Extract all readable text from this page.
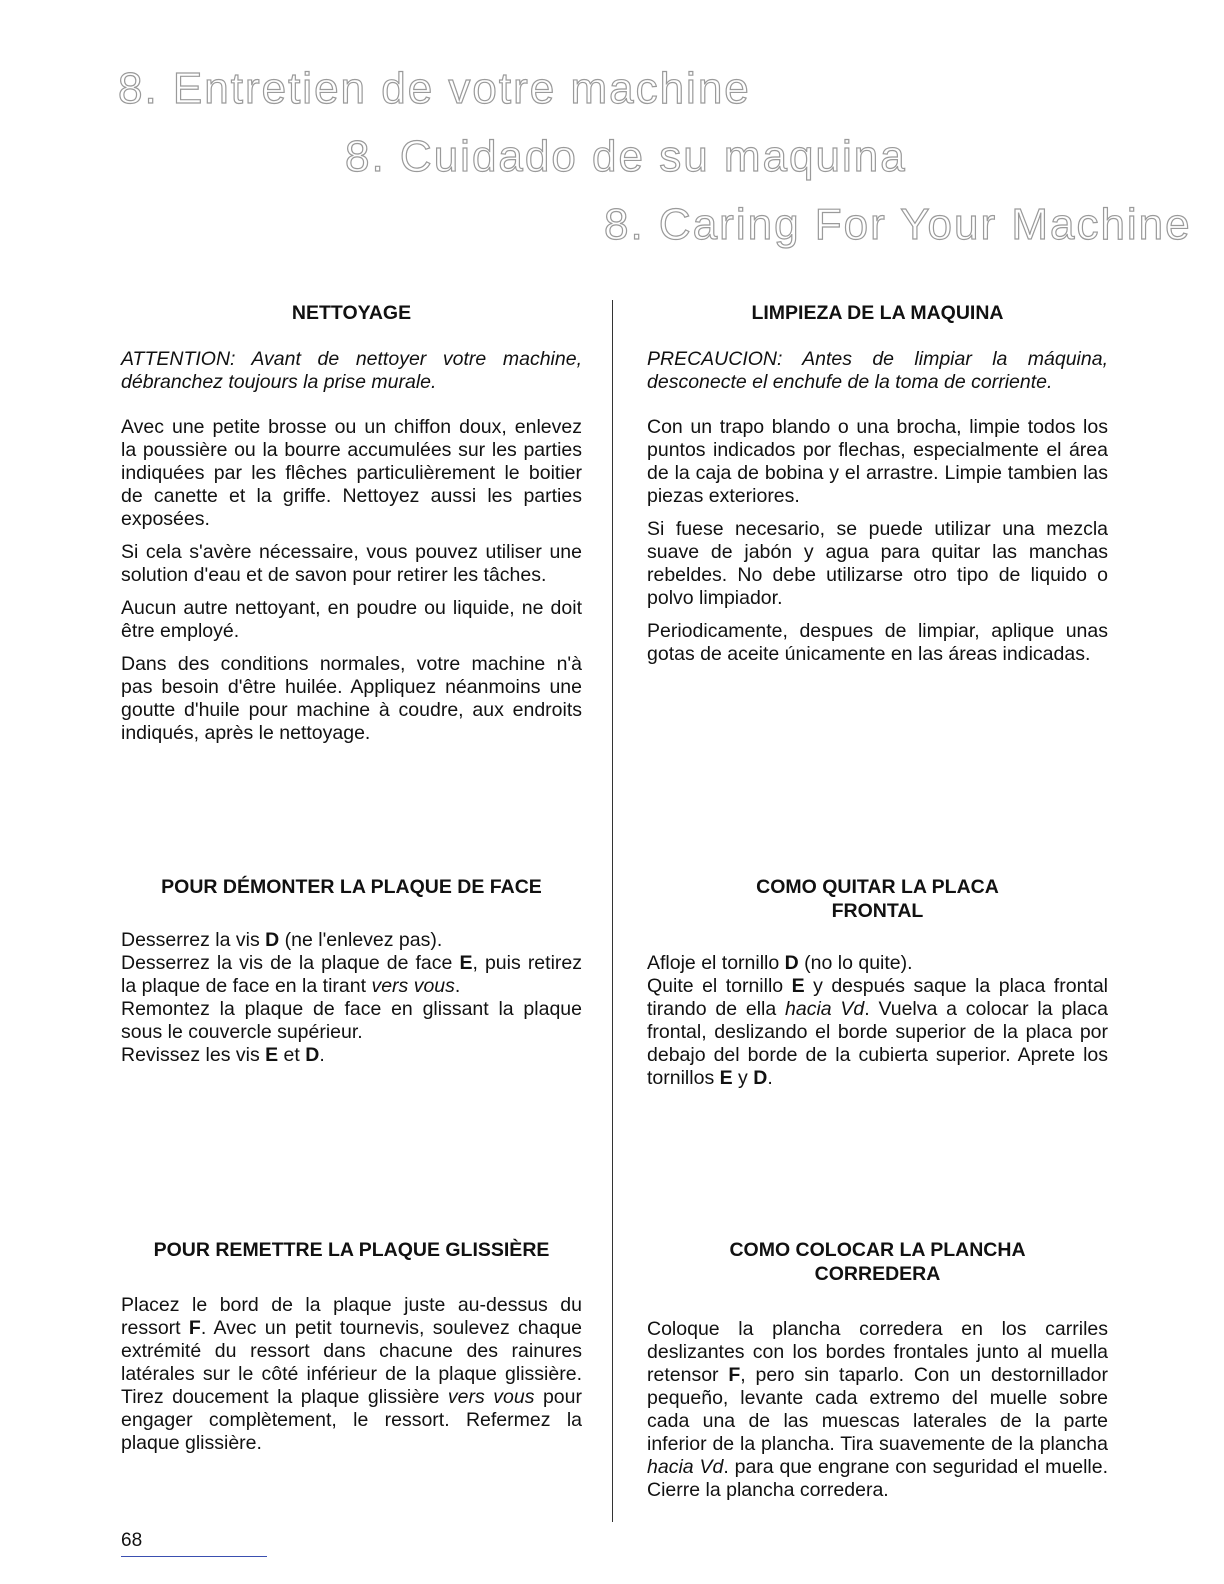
8. Entretien de votre machine
8. Cuidado de su maquina
8. Caring For Your Machine
NETTOYAGE

ATTENTION: Avant de nettoyer votre machine, débranchez toujours la prise murale.

Avec une petite brosse ou un chiffon doux, enlevez la poussière ou la bourre accumulées sur les parties indiquées par les flêches particulièrement le boitier de canette et la griffe. Nettoyez aussi les parties exposées.

Si cela s'avère nécessaire, vous pouvez utiliser une solution d'eau et de savon pour retirer les tâches.

Aucun autre nettoyant, en poudre ou liquide, ne doit être employé.

Dans des conditions normales, votre machine n'à pas besoin d'être huilée. Appliquez néanmoins une goutte d'huile pour machine à coudre, aux endroits indiqués, après le nettoyage.

LIMPIEZA DE LA MAQUINA

PRECAUCION: Antes de limpiar la máquina, desconecte el enchufe de la toma de corriente.

Con un trapo blando o una brocha, limpie todos los puntos indicados por flechas, especialmente el área de la caja de bobina y el arrastre. Limpie tambien las piezas exteriores.

Si fuese necesario, se puede utilizar una mezcla suave de jabón y agua para quitar las manchas rebeldes. No debe utilizarse otro tipo de liquido o polvo limpiador.

Periodicamente, despues de limpiar, aplique unas gotas de aceite únicamente en las áreas indicadas.

POUR DÉMONTER LA PLAQUE DE FACE
Desserrez la vis D (ne l'enlevez pas).
Desserrez la vis de la plaque de face E, puis retirez la plaque de face en la tirant vers vous.
Remontez la plaque de face en glissant la plaque sous le couvercle supérieur.
Revissez les vis E et D.
COMO QUITAR LA PLACA
FRONTAL
Afloje el tornillo D (no lo quite).
Quite el tornillo E y después saque la placa frontal tirando de ella hacia Vd. Vuelva a colocar la placa frontal, deslizando el borde superior de la placa por debajo del borde de la cubierta superior. Aprete los tornillos E y D.
POUR REMETTRE LA PLAQUE GLISSIÈRE
Placez le bord de la plaque juste au-dessus du ressort F. Avec un petit tournevis, soulevez chaque extrémité du ressort dans chacune des rainures latérales sur le côté inférieur de la plaque glissière. Tirez doucement la plaque glissière vers vous pour engager complètement, le ressort. Refermez la plaque glissière.
COMO COLOCAR LA PLANCHA
CORREDERA
Coloque la plancha corredera en los carriles deslizantes con los bordes frontales junto al muella retensor F, pero sin taparlo. Con un destornillador pequeño, levante cada extremo del muelle sobre cada una de las muescas laterales de la parte inferior de la plancha. Tira suavemente de la plancha hacia Vd. para que engrane con seguridad el muelle. Cierre la plancha corredera.

68
